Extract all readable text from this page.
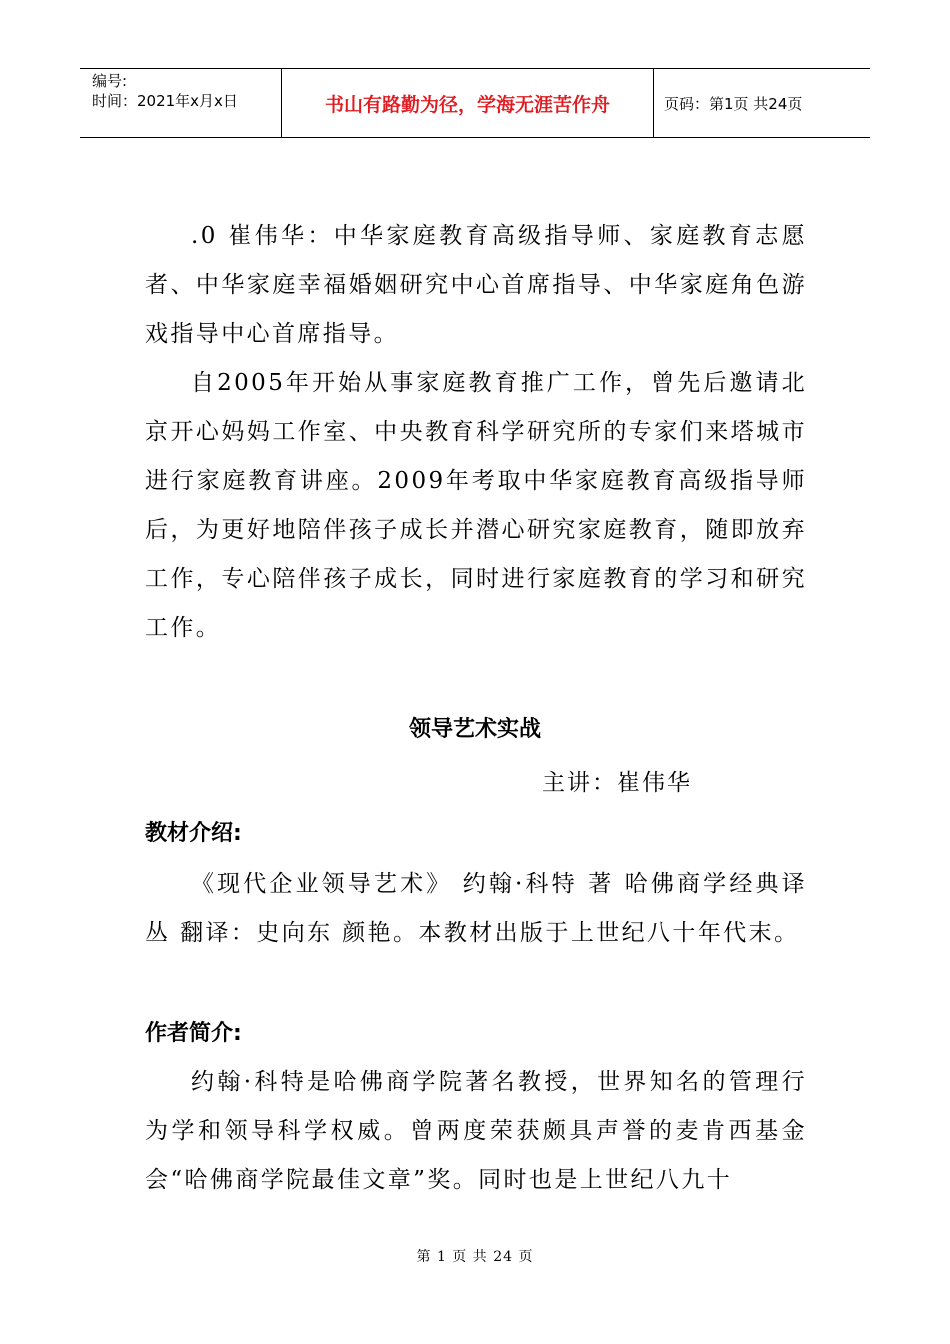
编号:
时间：2021年x月x日	书山有路勤为径，学海无涯苦作舟	页码：第1页 共24页

.0 崔伟华：中华家庭教育高级指导师、家庭教育志愿者、中华家庭幸福婚姻研究中心首席指导、中华家庭角色游戏指导中心首席指导。

自2005年开始从事家庭教育推广工作，曾先后邀请北京开心妈妈工作室、中央教育科学研究所的专家们来塔城市进行家庭教育讲座。2009年考取中华家庭教育高级指导师后，为更好地陪伴孩子成长并潜心研究家庭教育，随即放弃工作，专心陪伴孩子成长，同时进行家庭教育的学习和研究工作。

领导艺术实战
主讲：崔伟华
教材介绍:

《现代企业领导艺术》 约翰·科特 著 哈佛商学经典译丛 翻译：史向东 颜艳。本教材出版于上世纪八十年代末。

作者简介:

约翰·科特是哈佛商学院著名教授，世界知名的管理行为学和领导科学权威。曾两度荣获颇具声誉的麦肯西基金会“哈佛商学院最佳文章”奖。同时也是上世纪八九十

第 1 页 共 24 页
